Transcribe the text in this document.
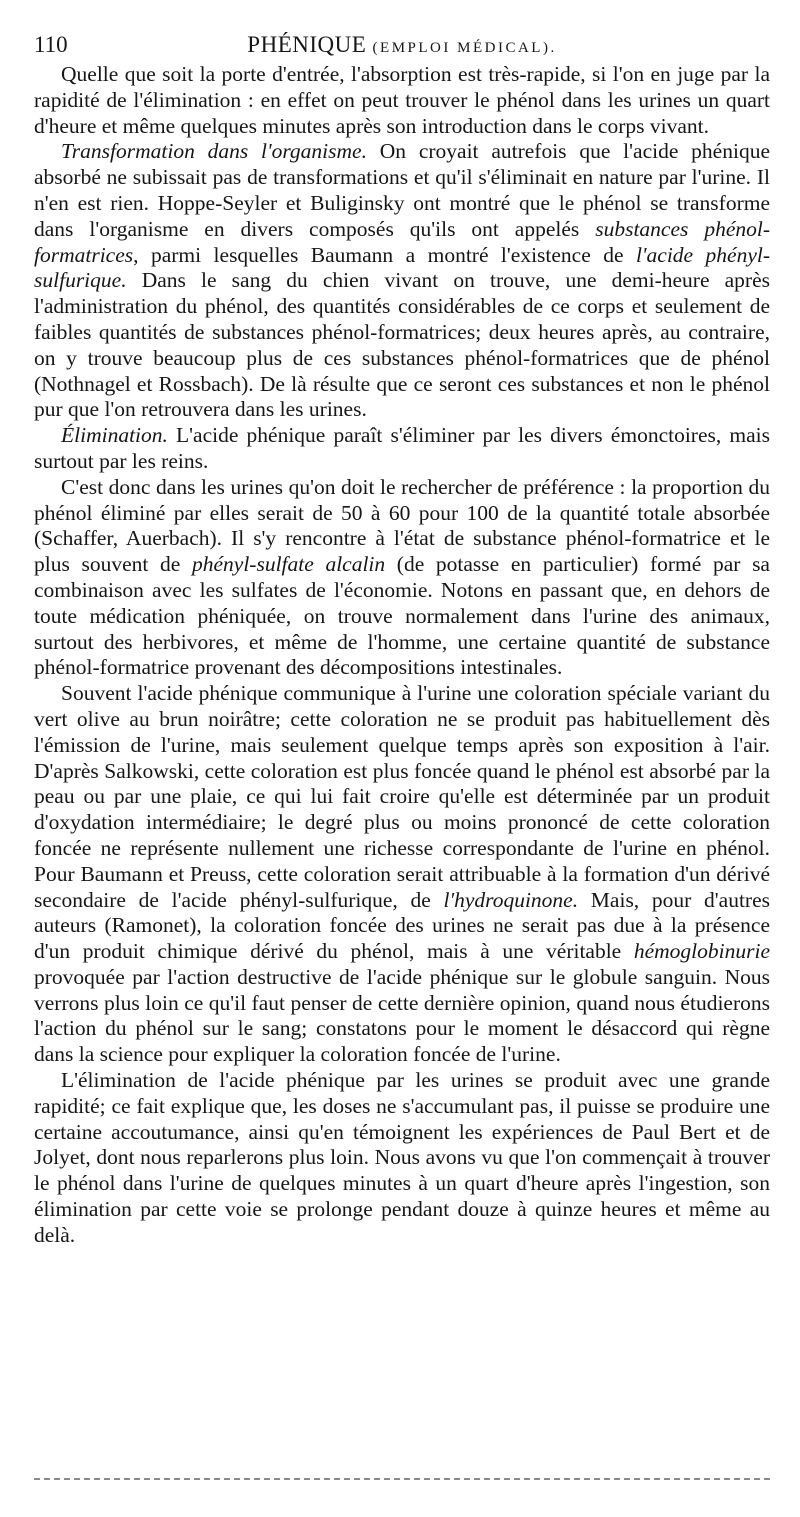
110	PHÉNIQUE (EMPLOI MÉDICAL).

Quelle que soit la porte d'entrée, l'absorption est très-rapide, si l'on en juge par la rapidité de l'élimination : en effet on peut trouver le phénol dans les urines un quart d'heure et même quelques minutes après son introduction dans le corps vivant.

Transformation dans l'organisme. On croyait autrefois que l'acide phénique absorbé ne subissait pas de transformations et qu'il s'éliminait en nature par l'urine. Il n'en est rien. Hoppe-Seyler et Buliginsky ont montré que le phénol se transforme dans l'organisme en divers composés qu'ils ont appelés substances phénol-formatrices, parmi lesquelles Baumann a montré l'existence de l'acide phényl-sulfurique. Dans le sang du chien vivant on trouve, une demi-heure après l'administration du phénol, des quantités considérables de ce corps et seulement de faibles quantités de substances phénol-formatrices; deux heures après, au contraire, on y trouve beaucoup plus de ces substances phénol-formatrices que de phénol (Nothnagel et Rossbach). De là résulte que ce seront ces substances et non le phénol pur que l'on retrouvera dans les urines.

Élimination. L'acide phénique paraît s'éliminer par les divers émonctoires, mais surtout par les reins.

C'est donc dans les urines qu'on doit le rechercher de préférence : la proportion du phénol éliminé par elles serait de 50 à 60 pour 100 de la quantité totale absorbée (Schaffer, Auerbach). Il s'y rencontre à l'état de substance phénol-formatrice et le plus souvent de phényl-sulfate alcalin (de potasse en particulier) formé par sa combinaison avec les sulfates de l'économie. Notons en passant que, en dehors de toute médication phéniquée, on trouve normalement dans l'urine des animaux, surtout des herbivores, et même de l'homme, une certaine quantité de substance phénol-formatrice provenant des décompositions intestinales.

Souvent l'acide phénique communique à l'urine une coloration spéciale variant du vert olive au brun noirâtre; cette coloration ne se produit pas habituellement dès l'émission de l'urine, mais seulement quelque temps après son exposition à l'air. D'après Salkowski, cette coloration est plus foncée quand le phénol est absorbé par la peau ou par une plaie, ce qui lui fait croire qu'elle est déterminée par un produit d'oxydation intermédiaire; le degré plus ou moins prononcé de cette coloration foncée ne représente nullement une richesse correspondante de l'urine en phénol. Pour Baumann et Preuss, cette coloration serait attribuable à la formation d'un dérivé secondaire de l'acide phényl-sulfurique, de l'hydroquinone. Mais, pour d'autres auteurs (Ramonet), la coloration foncée des urines ne serait pas due à la présence d'un produit chimique dérivé du phénol, mais à une véritable hémoglobinurie provoquée par l'action destructive de l'acide phénique sur le globule sanguin. Nous verrons plus loin ce qu'il faut penser de cette dernière opinion, quand nous étudierons l'action du phénol sur le sang; constatons pour le moment le désaccord qui règne dans la science pour expliquer la coloration foncée de l'urine.

L'élimination de l'acide phénique par les urines se produit avec une grande rapidité; ce fait explique que, les doses ne s'accumulant pas, il puisse se produire une certaine accoutumance, ainsi qu'en témoignent les expériences de Paul Bert et de Jolyet, dont nous reparlerons plus loin. Nous avons vu que l'on commençait à trouver le phénol dans l'urine de quelques minutes à un quart d'heure après l'ingestion, son élimination par cette voie se prolonge pendant douze à quinze heures et même au delà.
